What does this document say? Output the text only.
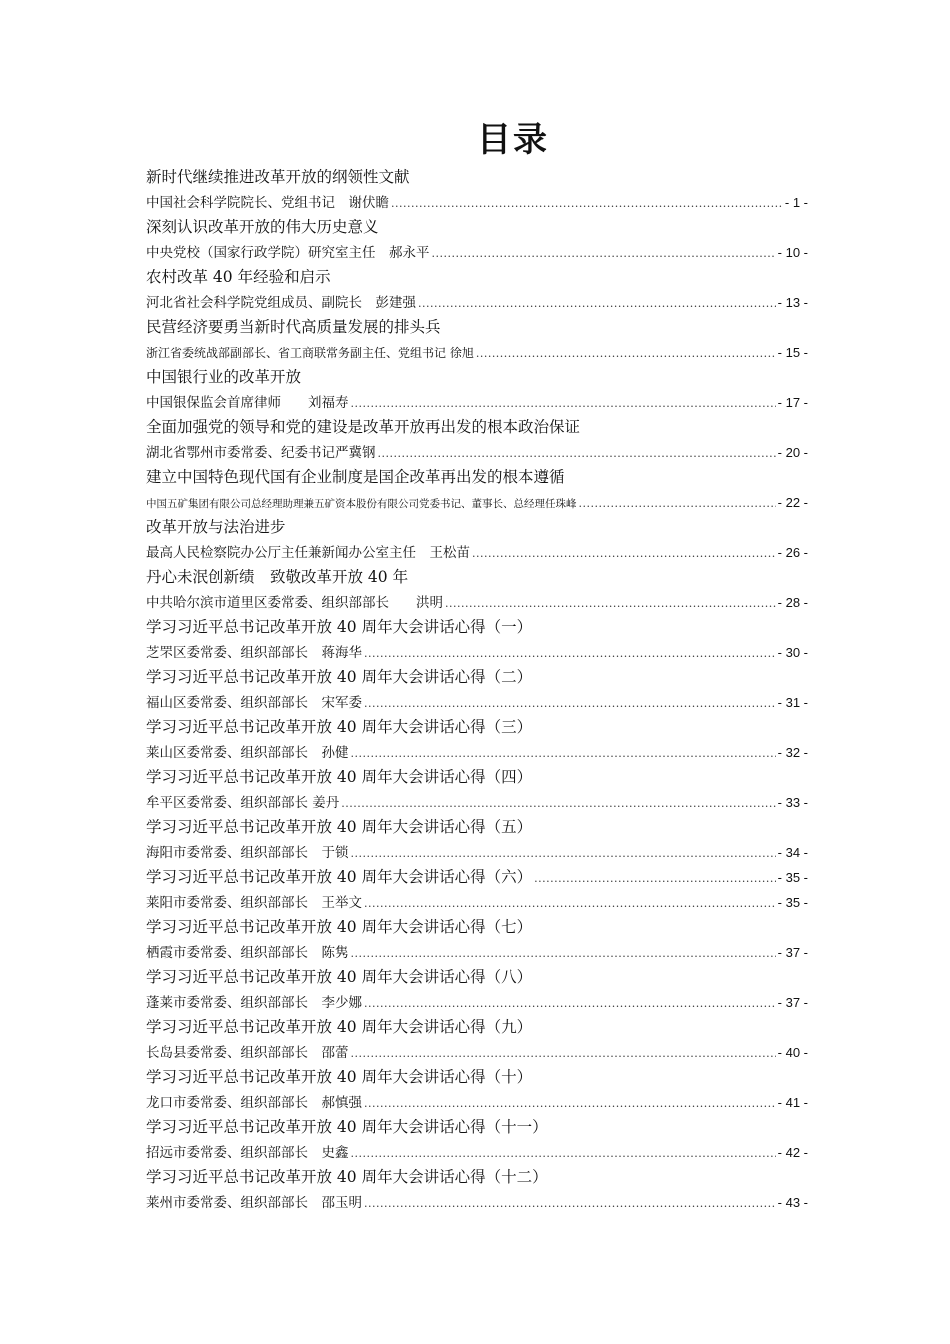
目录
新时代继续推进改革开放的纲领性文献
中国社会科学院院长、党组书记　谢伏瞻 .....	- 1 -
深刻认识改革开放的伟大历史意义
中央党校（国家行政学院）研究室主任　郝永平 .....	- 10 -
农村改革 40 年经验和启示
河北省社会科学院党组成员、副院长　彭建强 .....	- 13 -
民营经济要勇当新时代高质量发展的排头兵
浙江省委统战部副部长、省工商联常务副主任、党组书记 徐旭 .....	- 15 -
中国银行业的改革开放
中国银保监会首席律师　　刘福寿 .....	- 17 -
全面加强党的领导和党的建设是改革开放再出发的根本政治保证
湖北省鄂州市委常委、纪委书记严冀钢 .....	- 20 -
建立中国特色现代国有企业制度是国企改革再出发的根本遵循
中国五矿集团有限公司总经理助理兼五矿资本股份有限公司党委书记、董事长、总经理任珠峰 .....	- 22 -
改革开放与法治进步
最高人民检察院办公厅主任兼新闻办公室主任　王松苗 .....	- 26 -
丹心未泯创新绩　致敬改革开放 40 年
中共哈尔滨市道里区委常委、组织部部长　　洪明 .....	- 28 -
学习习近平总书记改革开放 40 周年大会讲话心得（一）
芝罘区委常委、组织部部长　蒋海华 .....	- 30 -
学习习近平总书记改革开放 40 周年大会讲话心得（二）
福山区委常委、组织部部长　宋军委 .....	- 31 -
学习习近平总书记改革开放 40 周年大会讲话心得（三）
莱山区委常委、组织部部长　孙健 .....	- 32 -
学习习近平总书记改革开放 40 周年大会讲话心得（四）
牟平区委常委、组织部部长 姜丹 .....	- 33 -
学习习近平总书记改革开放 40 周年大会讲话心得（五）
海阳市委常委、组织部部长　于锁 .....	- 34 -
学习习近平总书记改革开放 40 周年大会讲话心得（六） .....	- 35 -
莱阳市委常委、组织部部长　王举文 .....	- 35 -
学习习近平总书记改革开放 40 周年大会讲话心得（七）
栖霞市委常委、组织部部长　陈隽 .....	- 37 -
学习习近平总书记改革开放 40 周年大会讲话心得（八）
蓬莱市委常委、组织部部长　李少娜 .....	- 37 -
学习习近平总书记改革开放 40 周年大会讲话心得（九）
长岛县委常委、组织部部长　邵蕾 .....	- 40 -
学习习近平总书记改革开放 40 周年大会讲话心得（十）
龙口市委常委、组织部部长　郝慎强 .....	- 41 -
学习习近平总书记改革开放 40 周年大会讲话心得（十一）
招远市委常委、组织部部长　史鑫 .....	- 42 -
学习习近平总书记改革开放 40 周年大会讲话心得（十二）
莱州市委常委、组织部部长　邵玉明 .....	- 43 -
